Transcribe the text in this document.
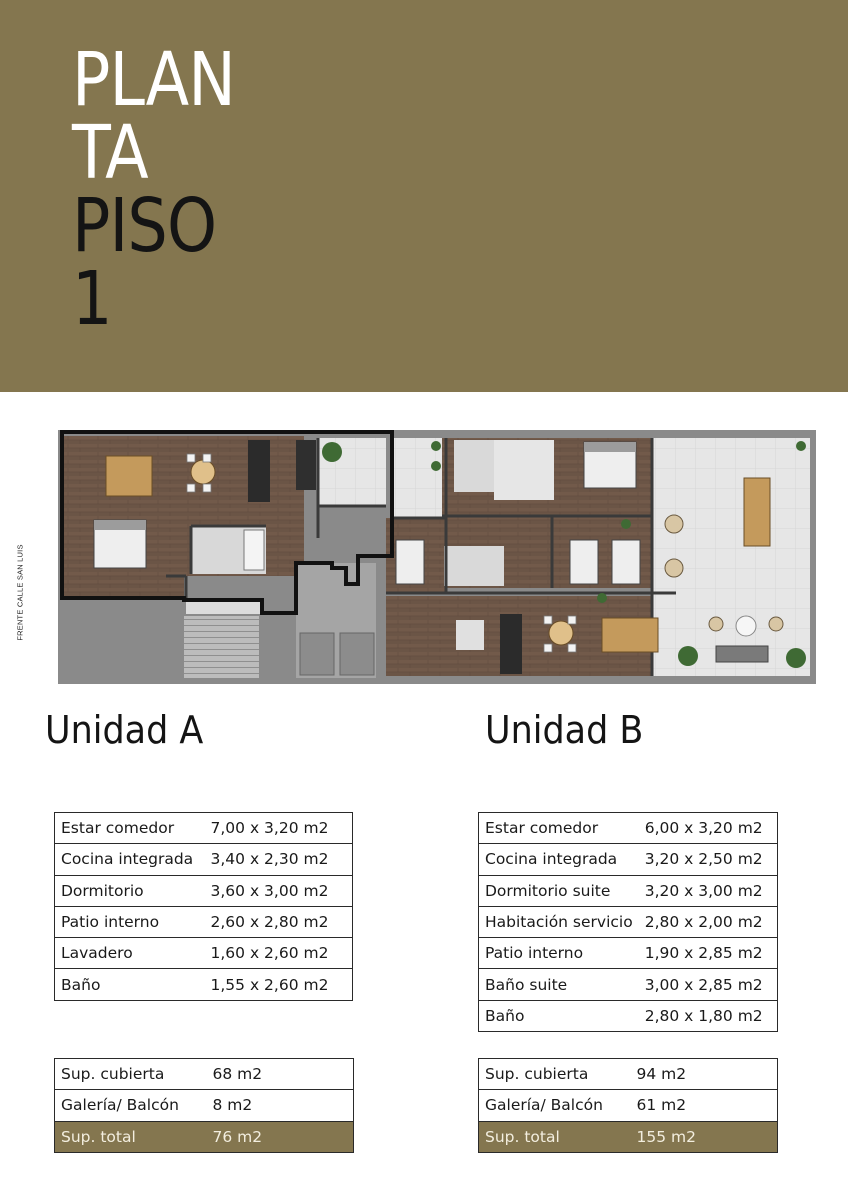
PLAN
TA
PISO
1
FRENTE CALLE SAN LUIS
Unidad A	Unidad B
Estar comedor	7,00 x 3,20 m2
Cocina integrada	3,40 x 2,30 m2
Dormitorio	3,60 x 3,00 m2
Patio interno	2,60 x 2,80 m2
Lavadero	1,60 x 2,60 m2
Baño	1,55 x 2,60 m2
Estar comedor	6,00 x 3,20 m2
Cocina integrada	3,20 x 2,50 m2
Dormitorio suite	3,20 x 3,00 m2
Habitación servicio	2,80 x 2,00 m2
Patio interno	1,90 x 2,85 m2
Baño suite	3,00 x 2,85 m2
Baño	2,80 x 1,80 m2
Sup. cubierta	68 m2
Galería/ Balcón	8 m2
Sup. total	76 m2
Sup. cubierta	94 m2
Galería/ Balcón	61 m2
Sup. total	155 m2
